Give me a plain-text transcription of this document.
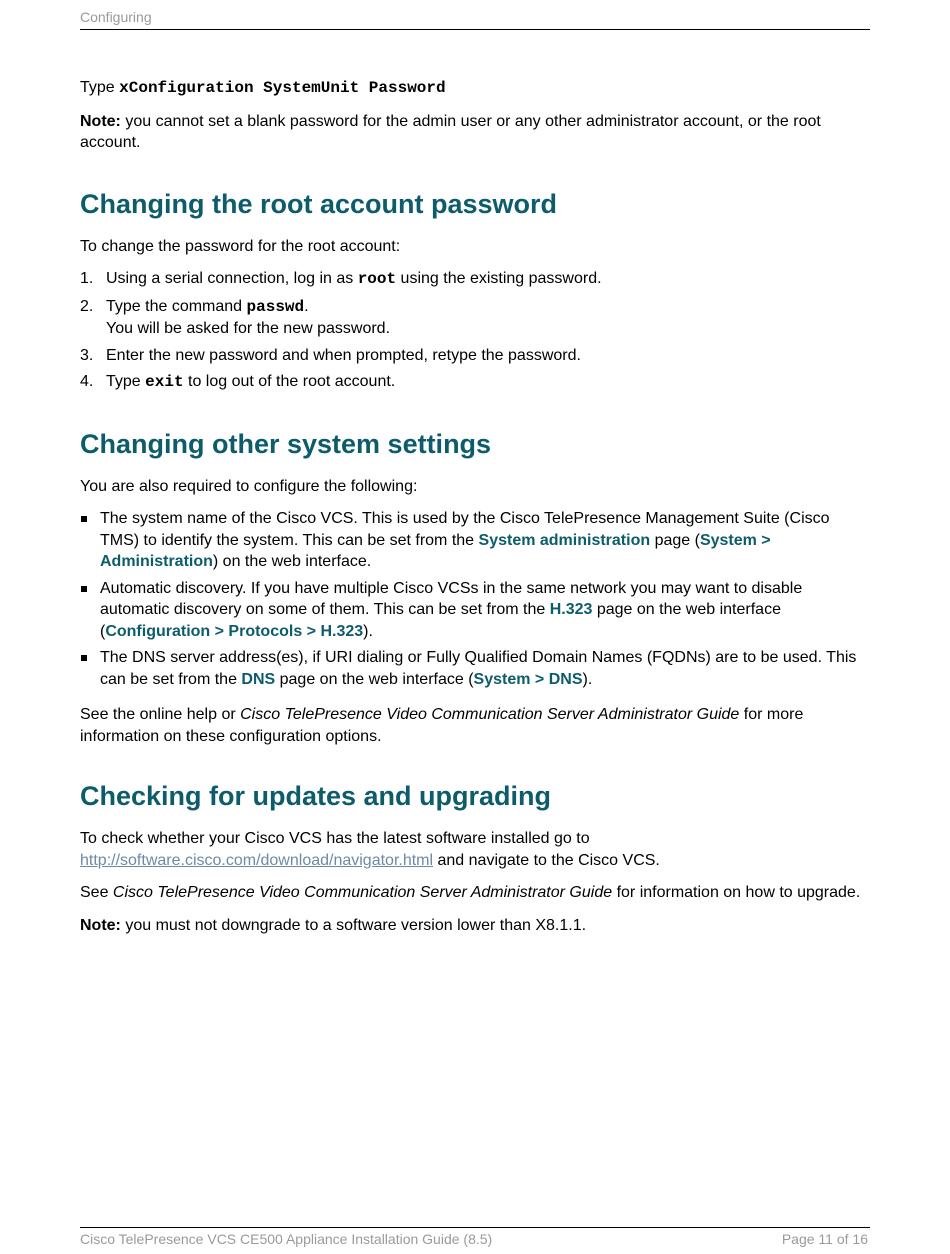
Configuring

Type xConfiguration SystemUnit Password

Note: you cannot set a blank password for the admin user or any other administrator account, or the root account.

Changing the root account password

To change the password for the root account:

1. Using a serial connection, log in as root using the existing password.
2. Type the command passwd.
You will be asked for the new password.
3. Enter the new password and when prompted, retype the password.
4. Type exit to log out of the root account.
Changing other system settings

You are also required to configure the following:

The system name of the Cisco VCS. This is used by the Cisco TelePresence Management Suite (Cisco TMS) to identify the system. This can be set from the System administration page (System > Administration) on the web interface.
Automatic discovery. If you have multiple Cisco VCSs in the same network you may want to disable automatic discovery on some of them. This can be set from the H.323 page on the web interface (Configuration > Protocols > H.323).
The DNS server address(es), if URI dialing or Fully Qualified Domain Names (FQDNs) are to be used. This can be set from the DNS page on the web interface (System > DNS).

See the online help or Cisco TelePresence Video Communication Server Administrator Guide for more information on these configuration options.

Checking for updates and upgrading

To check whether your Cisco VCS has the latest software installed go to http://software.cisco.com/download/navigator.html and navigate to the Cisco VCS.

See Cisco TelePresence Video Communication Server Administrator Guide for information on how to upgrade.

Note: you must not downgrade to a software version lower than X8.1.1.

Cisco TelePresence VCS CE500 Appliance Installation Guide (8.5)	Page 11 of 16
